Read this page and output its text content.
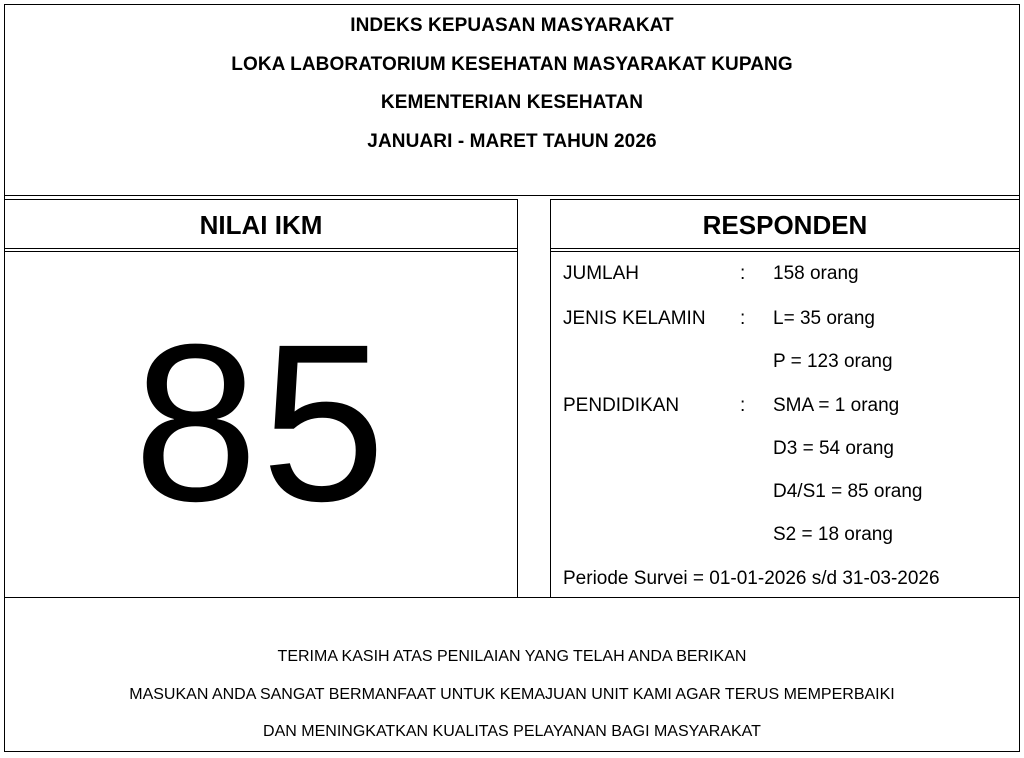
INDEKS KEPUASAN MASYARAKAT
LOKA LABORATORIUM KESEHATAN MASYARAKAT KUPANG
KEMENTERIAN KESEHATAN
JANUARI - MARET TAHUN 2026
NILAI IKM
85
RESPONDEN
JUMLAH	: 158 orang
JENIS KELAMIN : L= 35 orang
P = 123 orang
PENDIDIKAN	: SMA = 1 orang
D3 = 54 orang
D4/S1 = 85 orang
S2 = 18 orang
Periode Survei = 01-01-2026 s/d 31-03-2026
TERIMA KASIH ATAS PENILAIAN YANG TELAH ANDA BERIKAN
MASUKAN ANDA SANGAT BERMANFAAT UNTUK KEMAJUAN UNIT KAMI AGAR TERUS MEMPERBAIKI
DAN MENINGKATKAN KUALITAS PELAYANAN BAGI MASYARAKAT
